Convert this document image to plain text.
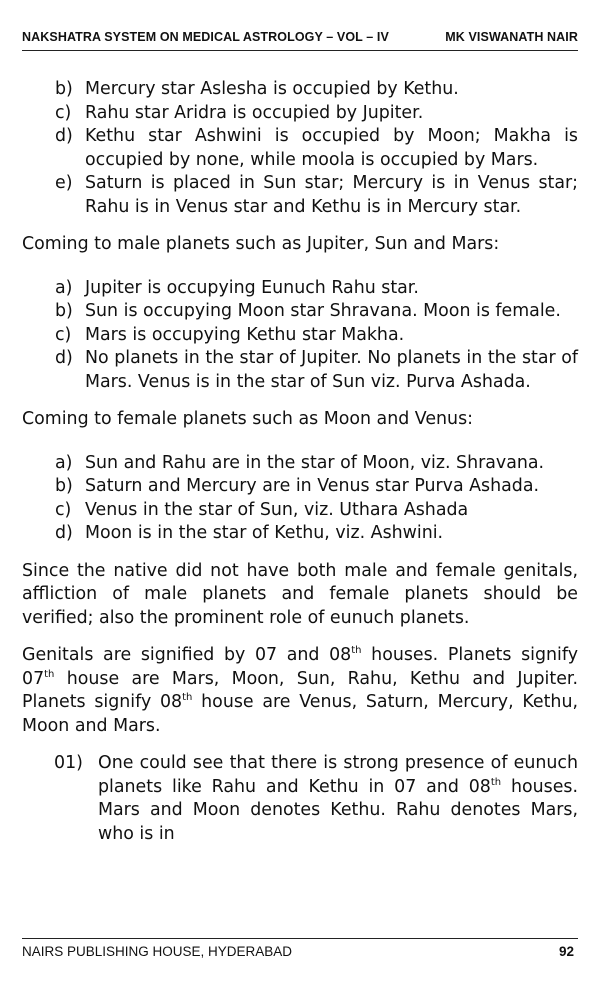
NAKSHATRA SYSTEM ON MEDICAL ASTROLOGY – VOL – IV	MK VISWANATH NAIR
b) Mercury star Aslesha is occupied by Kethu.
c) Rahu star Aridra is occupied by Jupiter.
d) Kethu star Ashwini is occupied by Moon; Makha is occupied by none, while moola is occupied by Mars.
e) Saturn is placed in Sun star; Mercury is in Venus star; Rahu is in Venus star and Kethu is in Mercury star.

Coming to male planets such as Jupiter, Sun and Mars:

a) Jupiter is occupying Eunuch Rahu star.
b) Sun is occupying Moon star Shravana. Moon is female.
c) Mars is occupying Kethu star Makha.
d) No planets in the star of Jupiter. No planets in the star of Mars. Venus is in the star of Sun viz. Purva Ashada.

Coming to female planets such as Moon and Venus:

a) Sun and Rahu are in the star of Moon, viz. Shravana.
b) Saturn and Mercury are in Venus star Purva Ashada.
c) Venus in the star of Sun, viz. Uthara Ashada
d) Moon is in the star of Kethu, viz. Ashwini.

Since the native did not have both male and female genitals, affliction of male planets and female planets should be verified; also the prominent role of eunuch planets.

Genitals are signified by 07 and 08th houses. Planets signify 07th house are Mars, Moon, Sun, Rahu, Kethu and Jupiter. Planets signify 08th house are Venus, Saturn, Mercury, Kethu, Moon and Mars.

01) One could see that there is strong presence of eunuch planets like Rahu and Kethu in 07 and 08th houses. Mars and Moon denotes Kethu. Rahu denotes Mars, who is in
NAIRS PUBLISHING HOUSE, HYDERABAD	92
